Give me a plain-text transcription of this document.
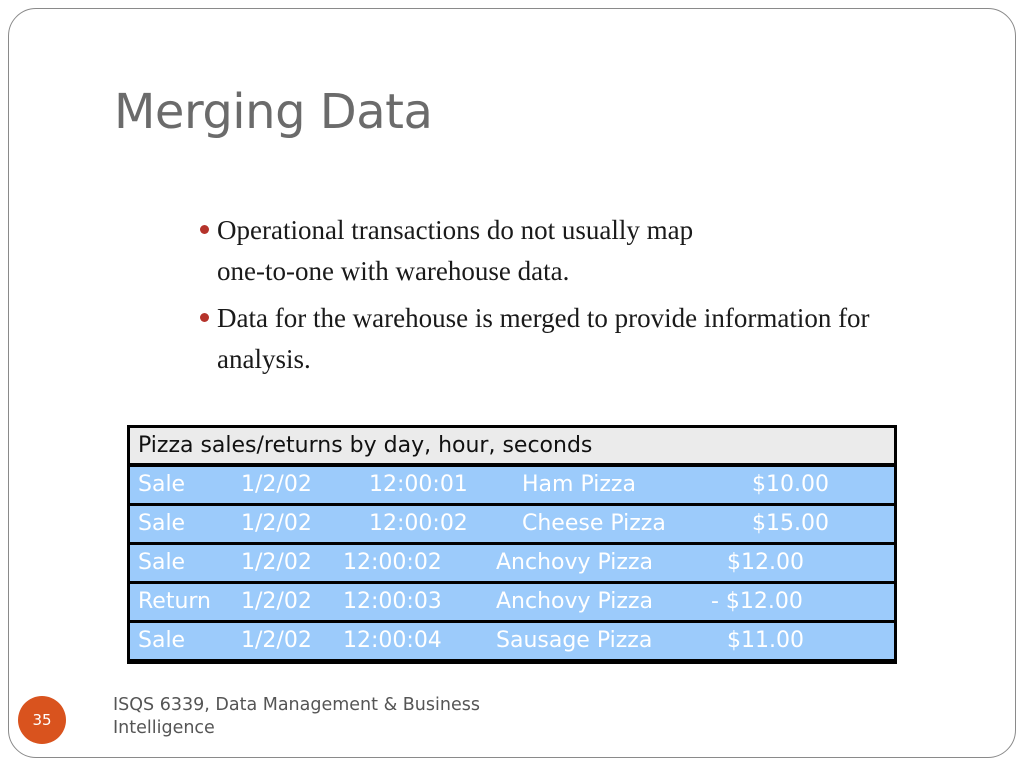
Merging Data
Operational transactions do not usually map
one-to-one with warehouse data.
Data for the warehouse is merged to provide information for analysis.
Pizza sales/returns by day, hour, seconds
Sale	1/2/02	12:00:01 Ham Pizza	$10.00
Sale	1/2/02	12:00:02 Cheese Pizza	$15.00
Sale	1/2/02 12:00:02 Anchovy Pizza	$12.00
Return 1/2/02 12:00:03 Anchovy Pizza	- $12.00
Sale	1/2/02 12:00:04 Sausage Pizza	$11.00
35
ISQS 6339, Data Management & Business Intelligence
